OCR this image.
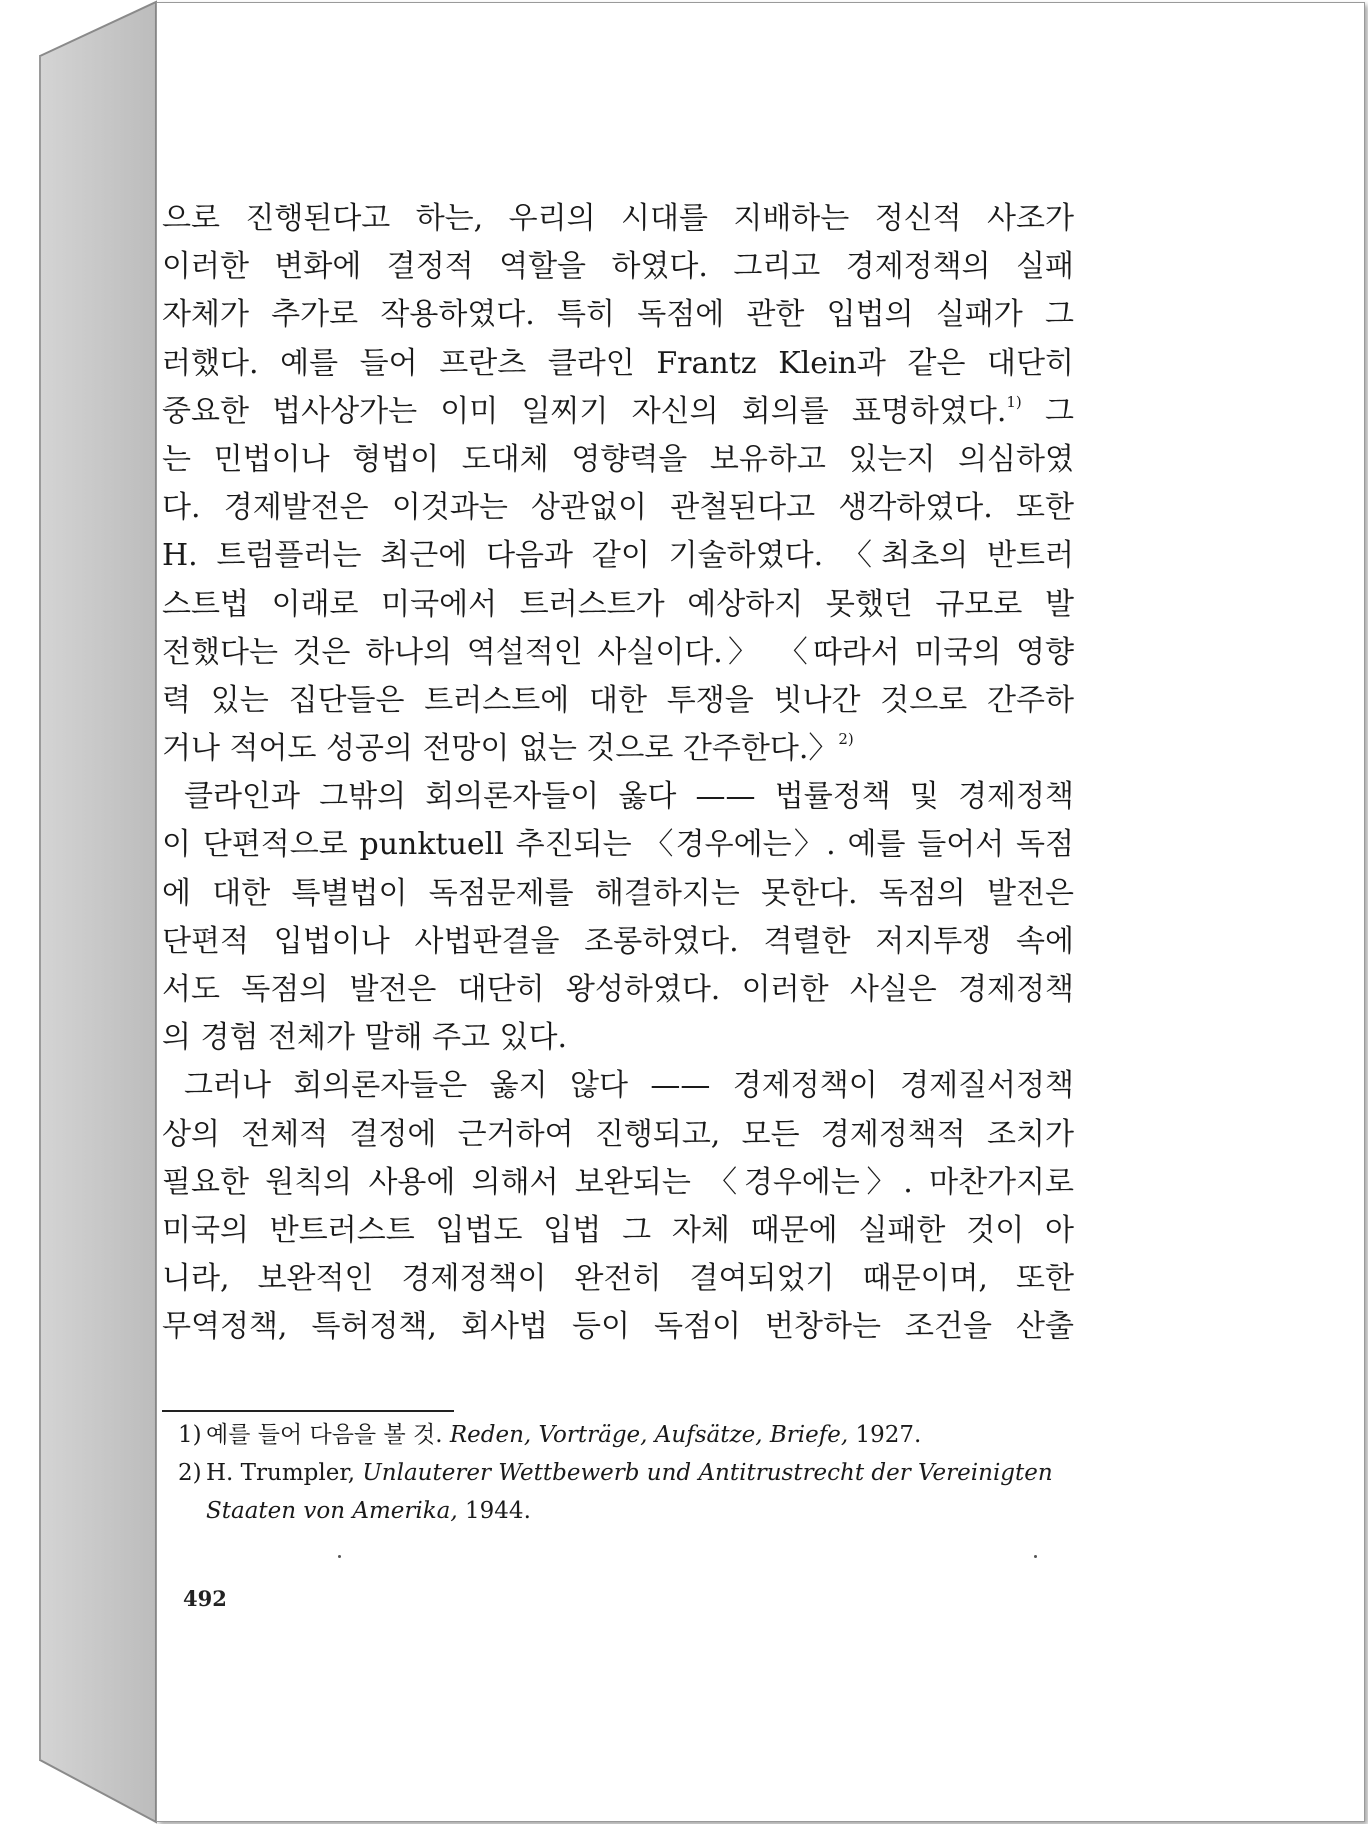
으로 진행된다고 하는, 우리의 시대를 지배하는 정신적 사조가
이러한 변화에 결정적 역할을 하였다. 그리고 경제정책의 실패
자체가 추가로 작용하였다. 특히 독점에 관한 입법의 실패가 그
러했다. 예를 들어 프란츠 클라인 Frantz Klein과 같은 대단히
중요한 법사상가는 이미 일찌기 자신의 회의를 표명하였다.$^{1)}$ 그
는 민법이나 형법이 도대체 영향력을 보유하고 있는지 의심하였
다. 경제발전은 이것과는 상관없이 관철된다고 생각하였다. 또한
H. 트럼플러는 최근에 다음과 같이 기술하였다. 〈최초의 반트러
스트법 이래로 미국에서 트러스트가 예상하지 못했던 규모로 발
전했다는 것은 하나의 역설적인 사실이다.〉 〈따라서 미국의 영향
력 있는 집단들은 트러스트에 대한 투쟁을 빗나간 것으로 간주하
거나 적어도 성공의 전망이 없는 것으로 간주한다.〉$^{2)}$
클라인과 그밖의 회의론자들이 옳다 —— 법률정책 및 경제정책
이 단편적으로 punktuell 추진되는 〈경우에는〉. 예를 들어서 독점
에 대한 특별법이 독점문제를 해결하지는 못한다. 독점의 발전은
단편적 입법이나 사법판결을 조롱하였다. 격렬한 저지투쟁 속에
서도 독점의 발전은 대단히 왕성하였다. 이러한 사실은 경제정책
의 경험 전체가 말해 주고 있다.
그러나 회의론자들은 옳지 않다 —— 경제정책이 경제질서정책
상의 전체적 결정에 근거하여 진행되고, 모든 경제정책적 조치가
필요한 원칙의 사용에 의해서 보완되는 〈경우에는〉. 마찬가지로
미국의 반트러스트 입법도 입법 그 자체 때문에 실패한 것이 아
니라, 보완적인 경제정책이 완전히 결여되었기 때문이며, 또한
무역정책, 특허정책, 회사법 등이 독점이 번창하는 조건을 산출
1) 예를 들어 다음을 볼 것. Reden, Vorträge, Aufsätze, Briefe, 1927.
2) H. Trumpler, Unlauterer Wettbewerb und Antitrustrecht der Vereinigten
Staaten von Amerika, 1944.
492
